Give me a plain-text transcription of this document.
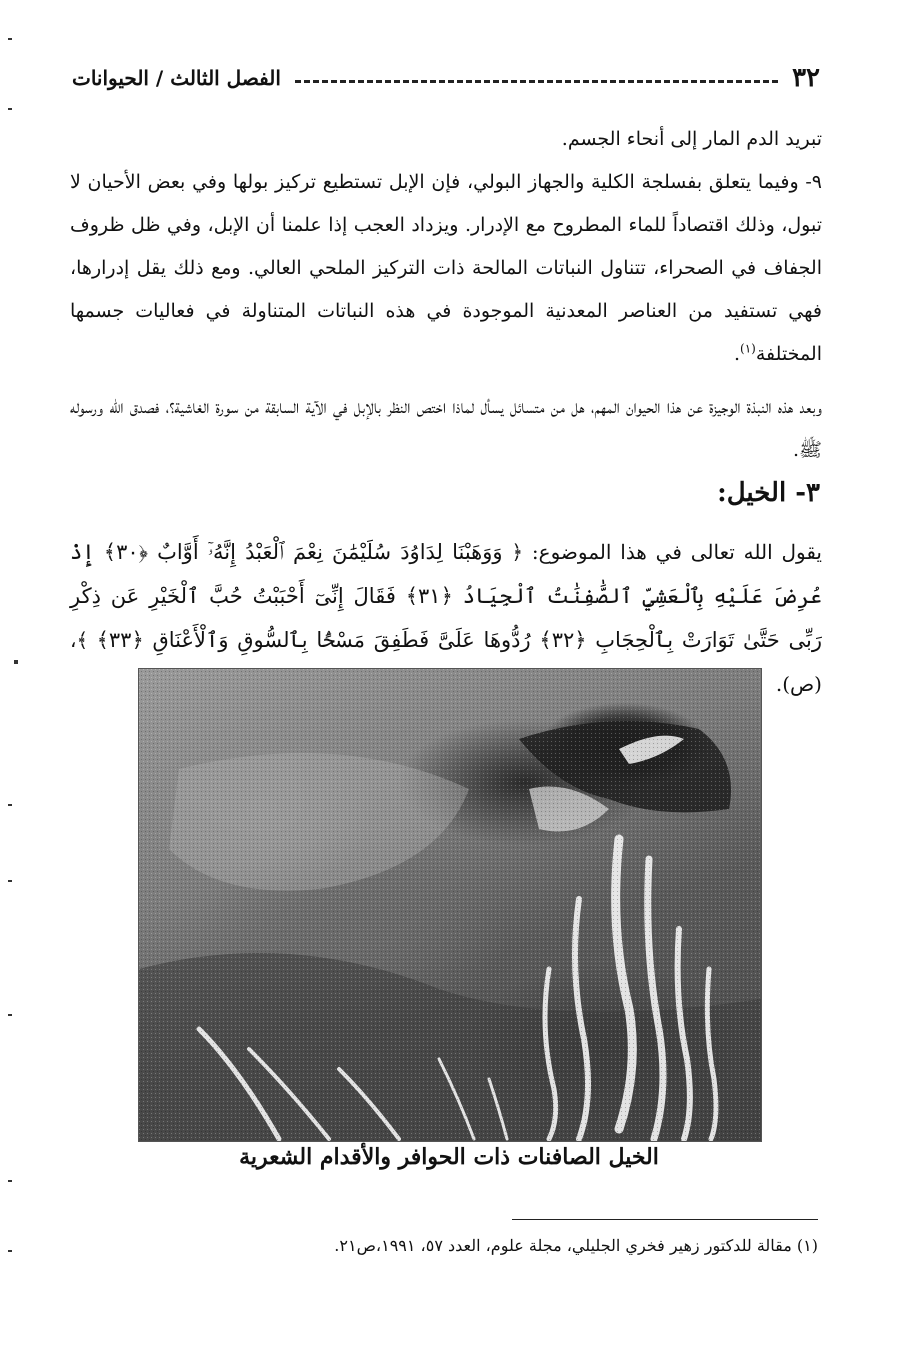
٣٢
الفصل الثالث / الحيوانات

تبريد الدم المار إلى أنحاء الجسم.

٩- وفيما يتعلق بفسلجة الكلية والجهاز البولي، فإن الإبل تستطيع تركيز بولها وفي بعض الأحيان لا تبول، وذلك اقتصاداً للماء المطروح مع الإدرار. ويزداد العجب إذا علمنا أن الإبل، وفي ظل ظروف الجفاف في الصحراء، تتناول النباتات المالحة ذات التركيز الملحي العالي. ومع ذلك يقل إدرارها، فهي تستفيد من العناصر المعدنية الموجودة في هذه النباتات المتناولة في فعاليات جسمها المختلفة$^{(١)}$.

وبعد هذه النبذة الوجيزة عن هذا الحيوان المهم، هل من متسائل يسأل لماذا اختص النظر بالإبل في الآية السابقة من سورة الغاشية؟، فصدق الله ورسوله ﷺ.

٣- الخيل:
يقول الله تعالى في هذا الموضوع: ﴿ وَوَهَبْنَا لِدَاوُدَ سُلَيْمَٰنَ نِعْمَ ٱلْعَبْدُ إِنَّهُۥٓ أَوَّابٌ ﴿٣٠﴾ إِذْ عُرِضَ عَلَيْهِ بِٱلْعَشِيِّ ٱلصَّٰفِنَٰتُ ٱلْجِيَادُ ﴿٣١﴾ فَقَالَ إِنِّىٓ أَحْبَبْتُ حُبَّ ٱلْخَيْرِ عَن ذِكْرِ رَبِّى حَتَّىٰ تَوَارَتْ بِٱلْحِجَابِ ﴿٣٢﴾ رُدُّوهَا عَلَىَّ فَطَفِقَ مَسْحًۢا بِٱلسُّوقِ وَٱلْأَعْنَاقِ ﴿٣٣﴾ ﴾، (ص).
الخيل الصافنات ذات الحوافر والأقدام الشعرية
(١) مقالة للدكتور زهير فخري الجليلي، مجلة علوم، العدد ٥٧، ١٩٩١،ص٢١.
